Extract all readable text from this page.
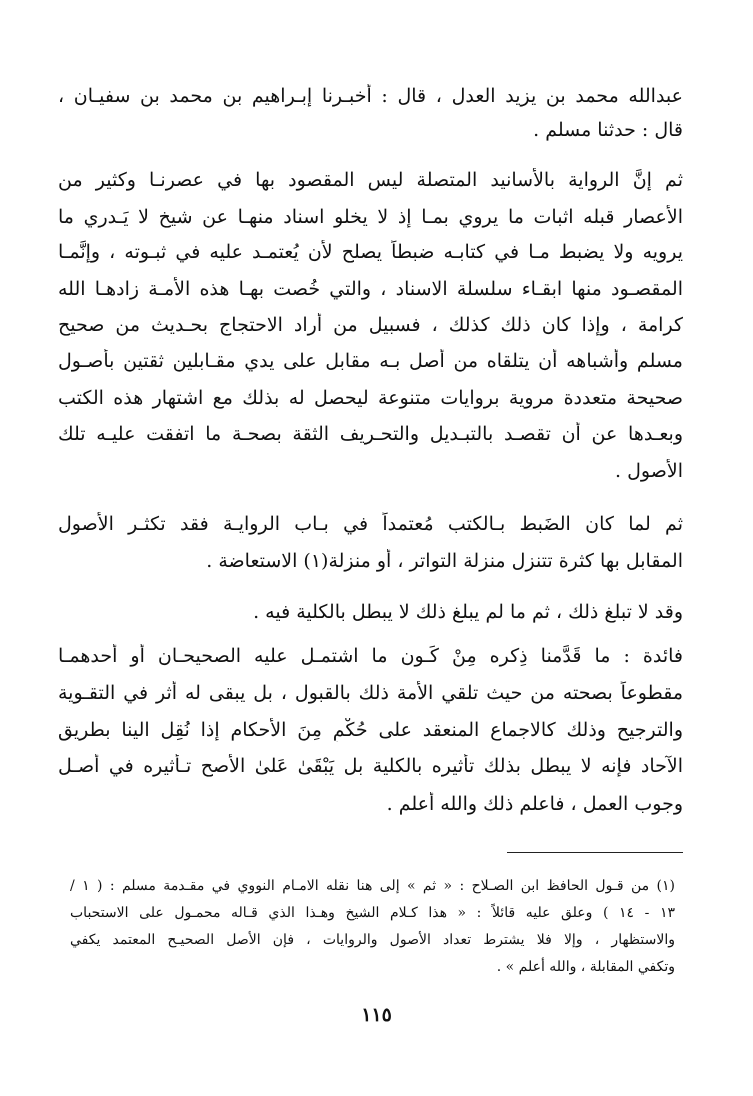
عبدالله محمد بن يزيد العدل ، قال : أخبـرنا إبـراهيم بن محمد بن سفيـان ،
قال : حدثنا مسلم .
ثم إنَّ الرواية بالأسانيد المتصلة ليس المقصود بها في عصرنـا وكثير من
الأعصار قبله اثبات ما يروي بمـا إذ لا يخلو اسناد منهـا عن شيخ لا يَـدري ما
يرويه ولا يضبط مـا في كتابـه ضبطاً يصلح لأن يُعتمـد عليه في ثبـوته ، وإنَّمـا
المقصـود منها ابقـاء سلسلة الاسناد ، والتي خُصت بهـا هذه الأمـة زادهـا الله
كرامة ، وإذا كان ذلك كذلك ، فسبيل من أراد الاحتجاج بحـديث من صحيح
مسلم وأشباهه أن يتلقاه من أصل بـه مقابل على يدي مقـابلين ثقتين بأصـول
صحيحة متعددة مروية بروايات متنوعة ليحصل له بذلك مع اشتهار هذه الكتب
وبعـدها عن أن تقصـد بالتبـديل والتحـريف الثقة بصحـة ما اتفقت عليـه تلك
الأصول .
ثم لما كان الضَبط بـالكتب مُعتمداً في بـاب الروايـة فقد تكثـر الأصول
المقابل بها كثرة تتنزل منزلة التواتر ، أو منزلة(١) الاستعاضة .
وقد لا تبلغ ذلك ، ثم ما لم يبلغ ذلك لا يبطل بالكلية فيه .
فائدة : ما قَدَّمنا ذِكره مِنْ كَـون ما اشتمـل عليه الصحيحـان أو أحدهمـا
مقطوعاً بصحته من حيث تلقي الأمة ذلك بالقبول ، بل يبقى له أثر في التقـوية
والترجيح وذلك كالاجماع المنعقد على حُكْمٍ مِنَ الأحكام إذا نُقِل الينا بطريق
الآحاد فإنه لا يبطل بذلك تأثيره بالكلية بل يَبْقَىٰ عَلىٰ الأصح تـأثيره في أصـل
وجوب العمل ، فاعلم ذلك والله أعلم .
(١) من قـول الحافظ ابن الصـلاح : « ثم » إلى هنا نقله الامـام النووي في مقـدمة مسلم : ( ١ /
١٣ - ١٤ ) وعلق عليه قائلاً : « هذا كـلام الشيخ وهـذا الذي قـاله محمـول على الاستحباب
والاستظهار ، وإلا فلا يشترط تعداد الأصول والروايات ، فإن الأصل الصحيـح المعتمد يكفي
وتكفي المقابلة ، والله أعلم » .
١١٥
